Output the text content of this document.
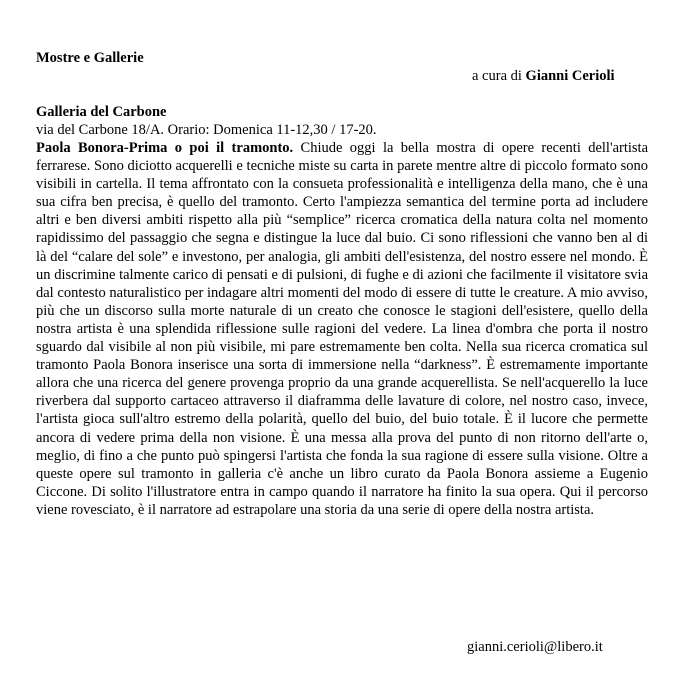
Mostre e Gallerie
a cura di Gianni Cerioli
Galleria del Carbone
via del Carbone 18/A. Orario: Domenica 11-12,30 / 17-20.
Paola Bonora-Prima o poi il tramonto. Chiude oggi la bella mostra di opere recenti dell'artista ferrarese. Sono diciotto acquerelli e tecniche miste su carta in parete mentre altre di piccolo formato sono visibili in cartella. Il tema affrontato con la consueta professionalità e intelligenza della mano, che è una sua cifra ben precisa, è quello del tramonto. Certo l'ampiezza semantica del termine porta ad includere altri e ben diversi ambiti rispetto alla più “semplice” ricerca cromatica della natura colta nel momento rapidissimo del passaggio che segna e distingue la luce dal buio. Ci sono riflessioni che vanno ben al di là del “calare del sole” e investono, per analogia, gli ambiti dell'esistenza, del nostro essere nel mondo. È un discrimine talmente carico di pensati e di pulsioni, di fughe e di azioni che facilmente il visitatore svia dal contesto naturalistico per indagare altri momenti del modo di essere di tutte le creature. A mio avviso, più che un discorso sulla morte naturale di un creato che conosce le stagioni dell'esistere, quello della nostra artista è una splendida riflessione sulle ragioni del vedere. La linea d'ombra che porta il nostro sguardo dal visibile al non più visibile, mi pare estremamente ben colta. Nella sua ricerca cromatica sul tramonto Paola Bonora inserisce una sorta di immersione nella “darkness”. È estremamente importante allora che una ricerca del genere provenga proprio da una grande acquerellista. Se nell'acquerello la luce riverbera dal supporto cartaceo attraverso il diaframma delle lavature di colore, nel nostro caso, invece, l'artista gioca sull'altro estremo della polarità, quello del buio, del buio totale. È il lucore che permette ancora di vedere prima della non visione. È una messa alla prova del punto di non ritorno dell'arte o, meglio, di fino a che punto può spingersi l'artista che fonda la sua ragione di essere sulla visione. Oltre a queste opere sul tramonto in galleria c'è anche un libro curato da Paola Bonora assieme a Eugenio Ciccone. Di solito l'illustratore entra in campo quando il narratore ha finito la sua opera. Qui il percorso viene rovesciato, è il narratore ad estrapolare una storia da una serie di opere della nostra artista.
gianni.cerioli@libero.it
